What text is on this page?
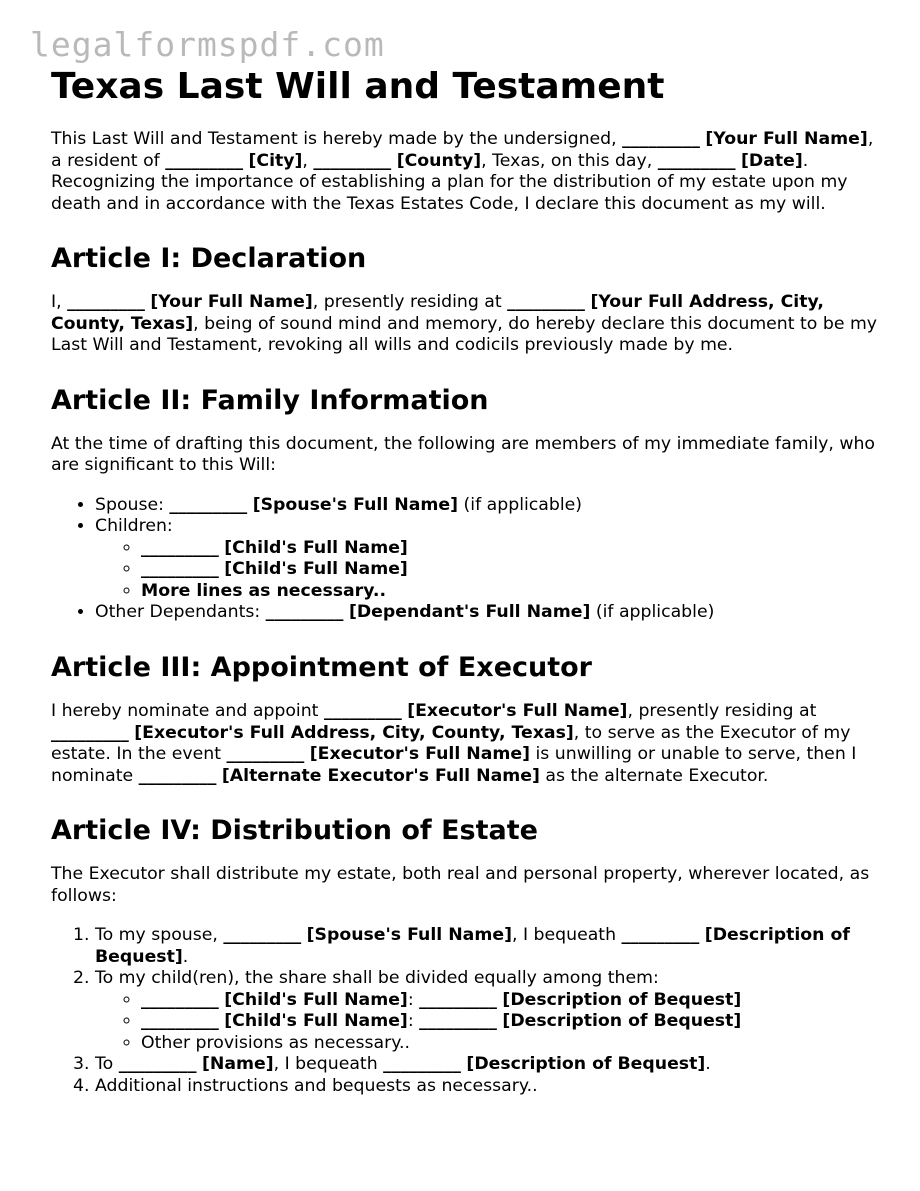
legalformspdf.com
Texas Last Will and Testament

This Last Will and Testament is hereby made by the undersigned, _________ [Your Full Name], a resident of _________ [City], _________ [County], Texas, on this day, _________ [Date]. Recognizing the importance of establishing a plan for the distribution of my estate upon my death and in accordance with the Texas Estates Code, I declare this document as my will.

Article I: Declaration

I, _________ [Your Full Name], presently residing at _________ [Your Full Address, City, County, Texas], being of sound mind and memory, do hereby declare this document to be my Last Will and Testament, revoking all wills and codicils previously made by me.

Article II: Family Information

At the time of drafting this document, the following are members of my immediate family, who are significant to this Will:

• Spouse: _________ [Spouse's Full Name] (if applicable)
• Children:
◦ _________ [Child's Full Name]
◦ _________ [Child's Full Name]
◦ More lines as necessary..
• Other Dependants: _________ [Dependant's Full Name] (if applicable)
Article III: Appointment of Executor

I hereby nominate and appoint _________ [Executor's Full Name], presently residing at _________ [Executor's Full Address, City, County, Texas], to serve as the Executor of my estate. In the event _________ [Executor's Full Name] is unwilling or unable to serve, then I nominate _________ [Alternate Executor's Full Name] as the alternate Executor.

Article IV: Distribution of Estate

The Executor shall distribute my estate, both real and personal property, wherever located, as follows:

1. To my spouse, _________ [Spouse's Full Name], I bequeath _________ [Description of Bequest].
2. To my child(ren), the share shall be divided equally among them:
◦ _________ [Child's Full Name]: _________ [Description of Bequest]
◦ _________ [Child's Full Name]: _________ [Description of Bequest]
◦ Other provisions as necessary..
3. To _________ [Name], I bequeath _________ [Description of Bequest].
4. Additional instructions and bequests as necessary..
